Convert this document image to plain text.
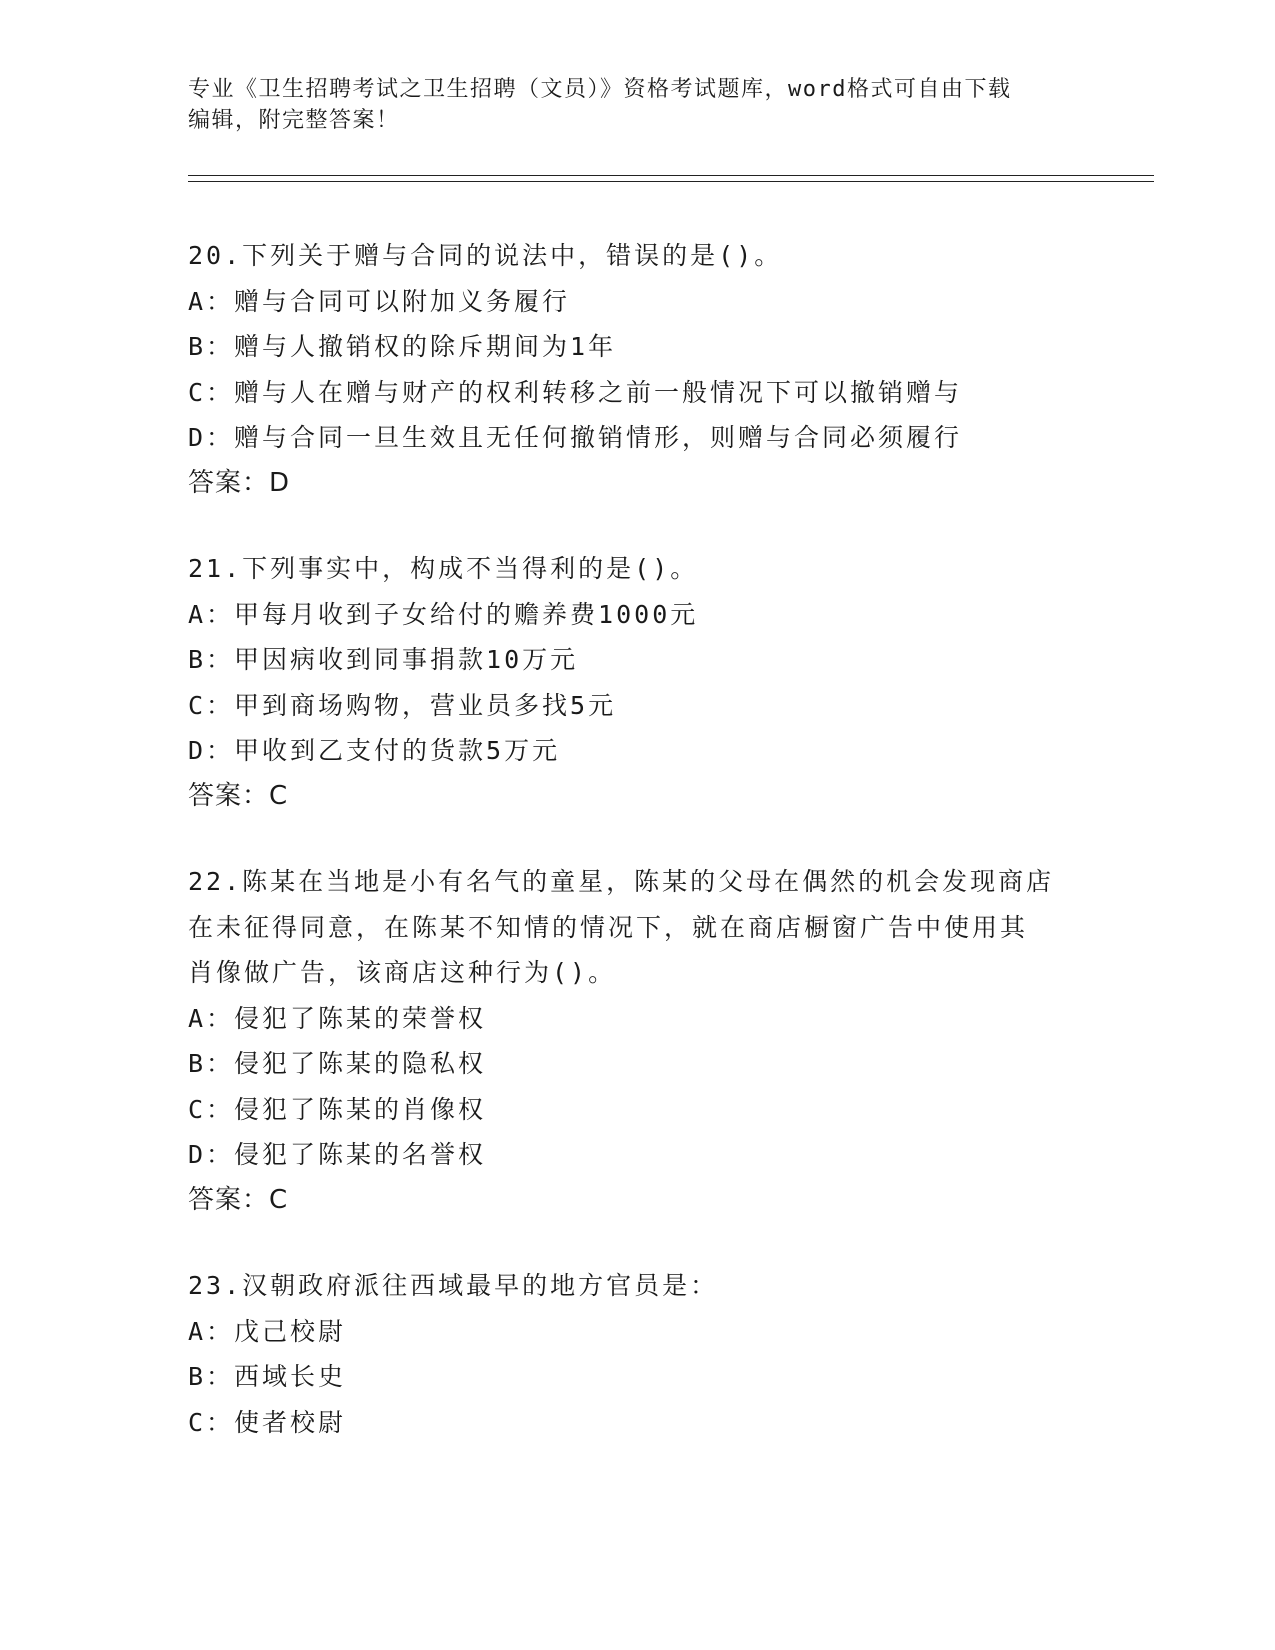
专业《卫生招聘考试之卫生招聘（文员）》资格考试题库，word格式可自由下载
编辑，附完整答案！
20.下列关于赠与合同的说法中，错误的是()。
A：赠与合同可以附加义务履行
B：赠与人撤销权的除斥期间为1年
C：赠与人在赠与财产的权利转移之前一般情况下可以撤销赠与
D：赠与合同一旦生效且无任何撤销情形，则赠与合同必须履行
答案：D
21.下列事实中，构成不当得利的是()。
A：甲每月收到子女给付的赡养费1000元
B：甲因病收到同事捐款10万元
C：甲到商场购物，营业员多找5元
D：甲收到乙支付的货款5万元
答案：C
22.陈某在当地是小有名气的童星，陈某的父母在偶然的机会发现商店
在未征得同意，在陈某不知情的情况下，就在商店橱窗广告中使用其
肖像做广告，该商店这种行为()。
A：侵犯了陈某的荣誉权
B：侵犯了陈某的隐私权
C：侵犯了陈某的肖像权
D：侵犯了陈某的名誉权
答案：C
23.汉朝政府派往西域最早的地方官员是：
A：戊己校尉
B：西域长史
C：使者校尉
